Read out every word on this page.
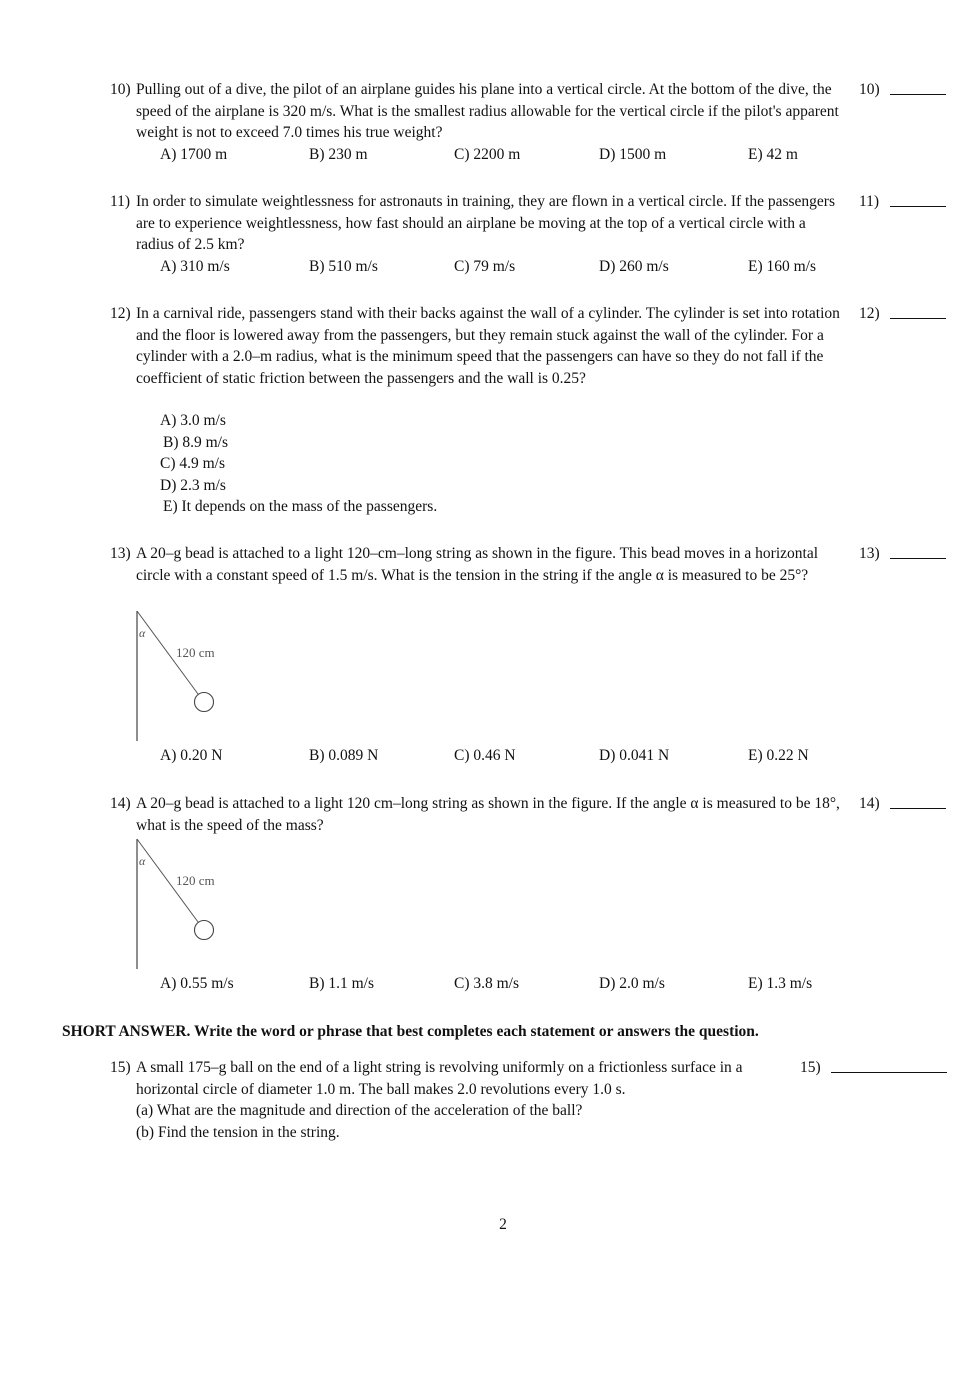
10) Pulling out of a dive, the pilot of an airplane guides his plane into a vertical circle. At the bottom of the dive, the speed of the airplane is 320 m/s. What is the smallest radius allowable for the vertical circle if the pilot's apparent weight is not to exceed 7.0 times his true weight?
10)
A) 1700 m	B) 230 m	C) 2200 m	D) 1500 m	E) 42 m
11) In order to simulate weightlessness for astronauts in training, they are flown in a vertical circle. If the passengers are to experience weightlessness, how fast should an airplane be moving at the top of a vertical circle with a radius of 2.5 km?
11)
A) 310 m/s	B) 510 m/s	C) 79 m/s	D) 260 m/s	E) 160 m/s
12) In a carnival ride, passengers stand with their backs against the wall of a cylinder. The cylinder is set into rotation and the floor is lowered away from the passengers, but they remain stuck against the wall of the cylinder. For a cylinder with a 2.0–m radius, what is the minimum speed that the passengers can have so they do not fall if the coefficient of static friction between the passengers and the wall is 0.25?
12)
A) 3.0 m/s
B) 8.9 m/s
C) 4.9 m/s
D) 2.3 m/s
E) It depends on the mass of the passengers.
13) A 20–g bead is attached to a light 120–cm–long string as shown in the figure. This bead moves in a horizontal circle with a constant speed of 1.5 m/s. What is the tension in the string if the angle α is measured to be 25°?
13)
α
120 cm
A) 0.20 N	B) 0.089 N	C) 0.46 N	D) 0.041 N	E) 0.22 N
14) A 20–g bead is attached to a light 120 cm–long string as shown in the figure. If the angle α is measured to be 18°, what is the speed of the mass?
14)
α
120 cm
A) 0.55 m/s	B) 1.1 m/s	C) 3.8 m/s	D) 2.0 m/s	E) 1.3 m/s
SHORT ANSWER. Write the word or phrase that best completes each statement or answers the question.
15) A small 175–g ball on the end of a light string is revolving uniformly on a frictionless surface in a horizontal circle of diameter 1.0 m. The ball makes 2.0 revolutions every 1.0 s.

(a) What are the magnitude and direction of the acceleration of the ball?

(b) Find the tension in the string.

15)
2
